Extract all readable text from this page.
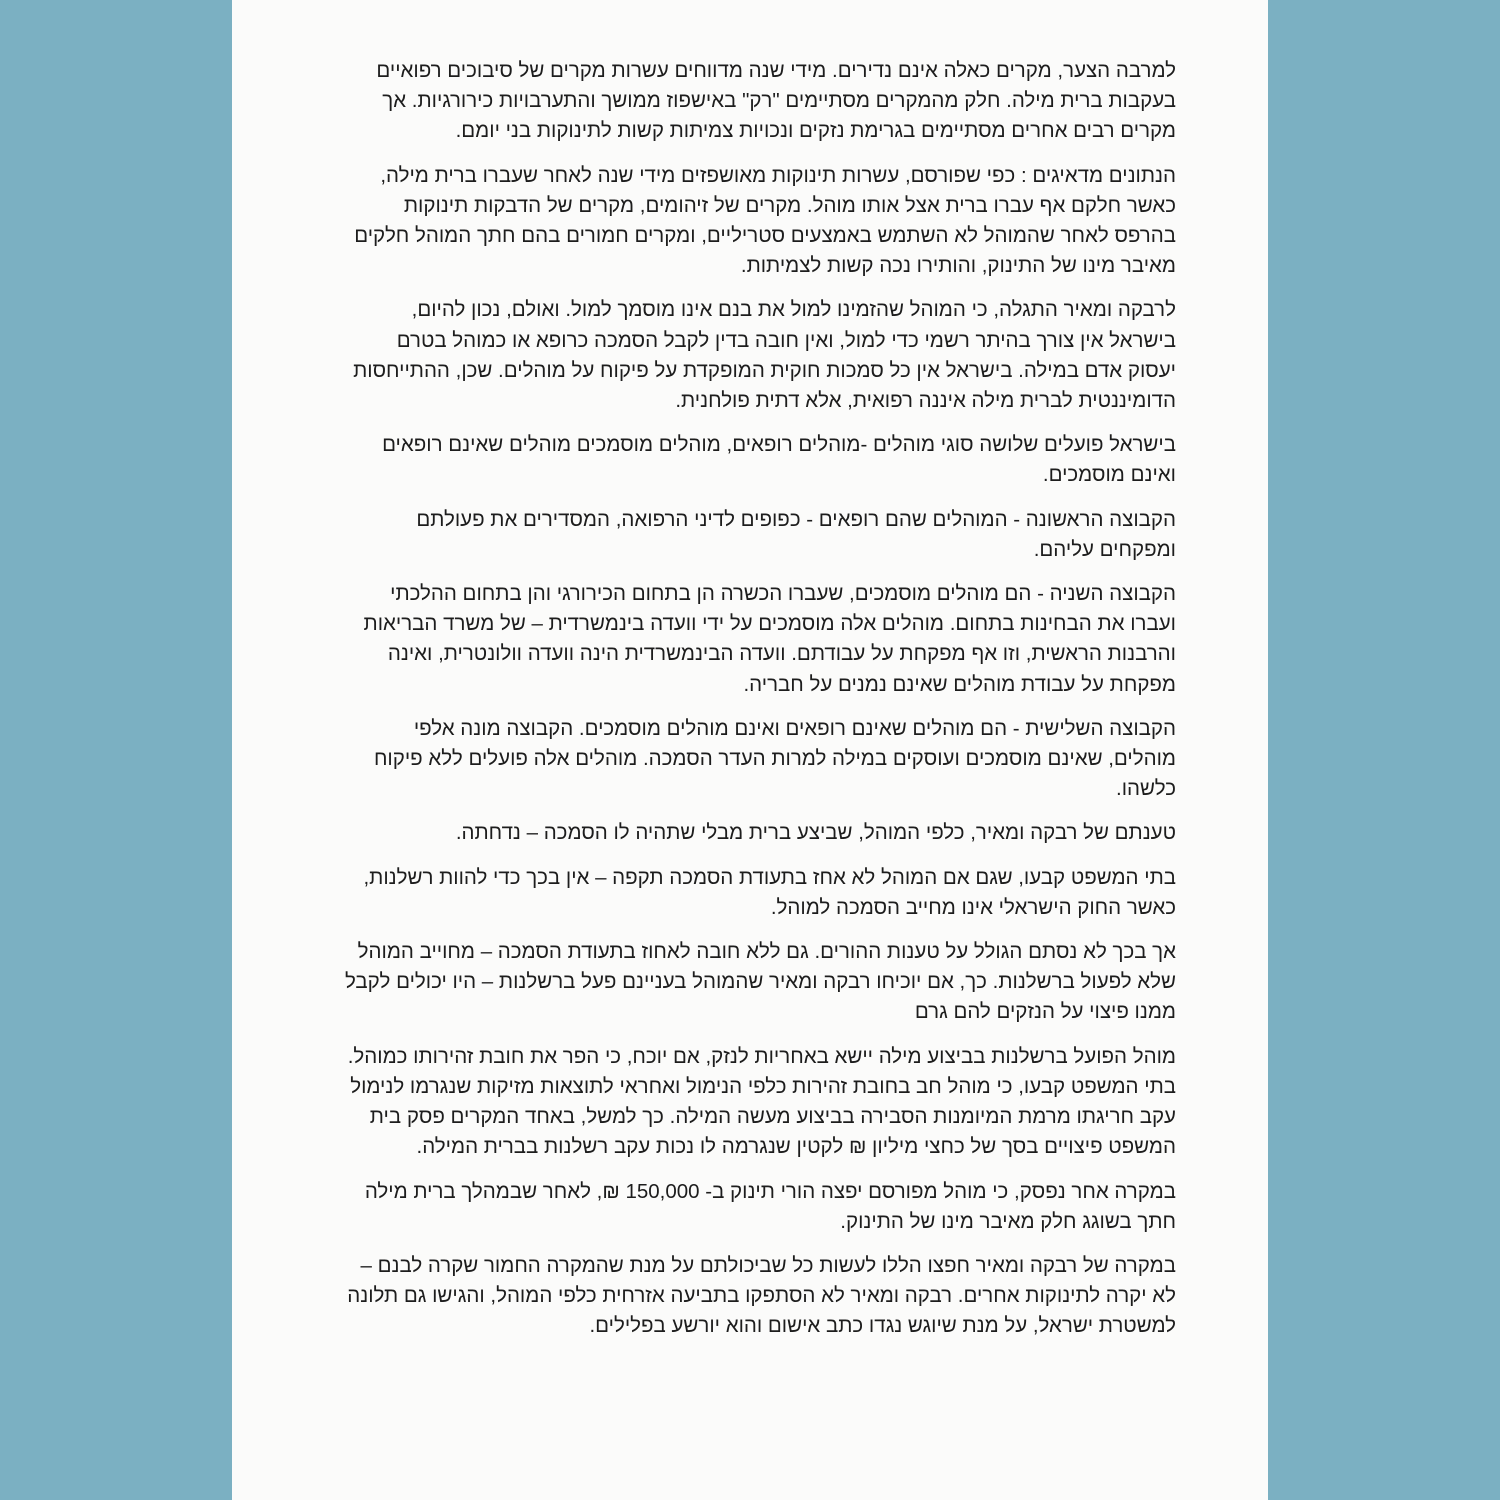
למרבה הצער, מקרים כאלה אינם נדירים. מידי שנה מדווחים עשרות מקרים של סיבוכים רפואיים בעקבות ברית מילה. חלק מהמקרים מסתיימים "רק" באישפוז ממושך והתערבויות כירורגיות. אך מקרים רבים אחרים מסתיימים בגרימת נזקים ונכויות צמיתות קשות לתינוקות בני יומם.

הנתונים מדאיגים : כפי שפורסם, עשרות תינוקות מאושפזים מידי שנה לאחר שעברו ברית מילה, כאשר חלקם אף עברו ברית אצל אותו מוהל. מקרים של זיהומים, מקרים של הדבקות תינוקות בהרפס לאחר שהמוהל לא השתמש באמצעים סטריליים, ומקרים חמורים בהם חתך המוהל חלקים מאיבר מינו של התינוק, והותירו נכה קשות לצמיתות.

לרבקה ומאיר התגלה, כי המוהל שהזמינו למול את בנם אינו מוסמך למול. ואולם, נכון להיום, בישראל אין צורך בהיתר רשמי כדי למול, ואין חובה בדין לקבל הסמכה כרופא או כמוהל בטרם יעסוק אדם במילה. בישראל אין כל סמכות חוקית המופקדת על פיקוח על מוהלים. שכן, ההתייחסות הדומיננטית לברית מילה איננה רפואית, אלא דתית פולחנית.

בישראל פועלים שלושה סוגי מוהלים -מוהלים רופאים, מוהלים מוסמכים מוהלים שאינם רופאים ואינם מוסמכים.

הקבוצה הראשונה - המוהלים שהם רופאים - כפופים לדיני הרפואה, המסדירים את פעולתם ומפקחים עליהם.

הקבוצה השניה - הם מוהלים מוסמכים, שעברו הכשרה הן בתחום הכירורגי והן בתחום ההלכתי ועברו את הבחינות בתחום. מוהלים אלה מוסמכים על ידי וועדה בינמשרדית – של משרד הבריאות והרבנות הראשית, וזו אף מפקחת על עבודתם. וועדה הבינמשרדית הינה וועדה וולונטרית, ואינה מפקחת על עבודת מוהלים שאינם נמנים על חבריה.

הקבוצה השלישית - הם מוהלים שאינם רופאים ואינם מוהלים מוסמכים. הקבוצה מונה אלפי מוהלים, שאינם מוסמכים ועוסקים במילה למרות העדר הסמכה. מוהלים אלה פועלים ללא פיקוח כלשהו.

טענתם של רבקה ומאיר, כלפי המוהל, שביצע ברית מבלי שתהיה לו הסמכה – נדחתה.

בתי המשפט קבעו, שגם אם המוהל לא אחז בתעודת הסמכה תקפה – אין בכך כדי להוות רשלנות, כאשר החוק הישראלי אינו מחייב הסמכה למוהל.

אך בכך לא נסתם הגולל על טענות ההורים. גם ללא חובה לאחוז בתעודת הסמכה – מחוייב המוהל שלא לפעול ברשלנות. כך, אם יוכיחו רבקה ומאיר שהמוהל בעניינם פעל ברשלנות – היו יכולים לקבל ממנו פיצוי על הנזקים להם גרם

מוהל הפועל ברשלנות בביצוע מילה יישא באחריות לנזק, אם יוכח, כי הפר את חובת זהירותו כמוהל. בתי המשפט קבעו, כי מוהל חב בחובת זהירות כלפי הנימול ואחראי לתוצאות מזיקות שנגרמו לנימול עקב חריגתו מרמת המיומנות הסבירה בביצוע מעשה המילה. כך למשל, באחד המקרים פסק בית המשפט פיצויים בסך של כחצי מיליון ₪ לקטין שנגרמה לו נכות עקב רשלנות בברית המילה.

במקרה אחר נפסק, כי מוהל מפורסם יפצה הורי תינוק ב- 150,000 ₪, לאחר שבמהלך ברית מילה חתך בשוגג חלק מאיבר מינו של התינוק.

במקרה של רבקה ומאיר חפצו הללו לעשות כל שביכולתם על מנת שהמקרה החמור שקרה לבנם – לא יקרה לתינוקות אחרים. רבקה ומאיר לא הסתפקו בתביעה אזרחית כלפי המוהל, והגישו גם תלונה למשטרת ישראל, על מנת שיוגש נגדו כתב אישום והוא יורשע בפלילים.
